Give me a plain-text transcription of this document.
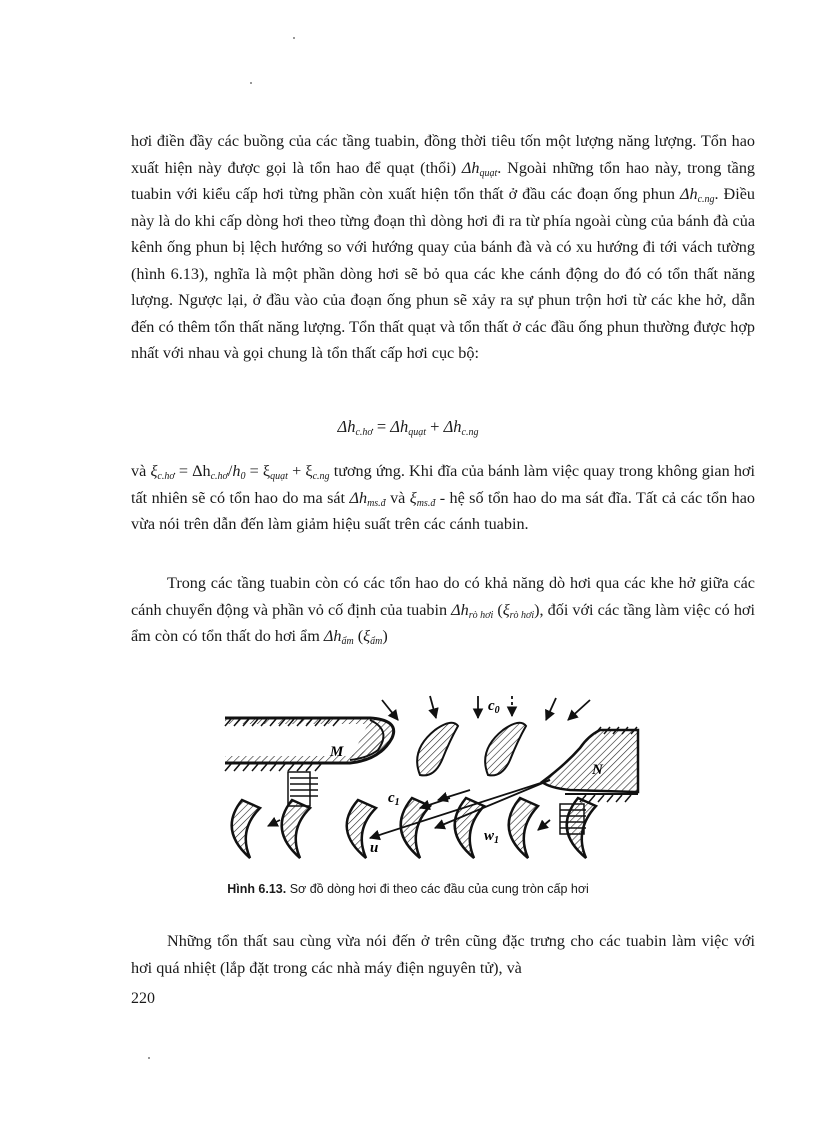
hơi điền đầy các buồng của các tầng tuabin, đồng thời tiêu tốn một lượng năng lượng. Tổn hao xuất hiện này được gọi là tổn hao để quạt (thổi) $\Delta h_{quạt}$. Ngoài những tổn hao này, trong tầng tuabin với kiểu cấp hơi từng phần còn xuất hiện tổn thất ở đầu các đoạn ống phun $\Delta h_{c.ng}$. Điều này là do khi cấp dòng hơi theo từng đoạn thì dòng hơi đi ra từ phía ngoài cùng của bánh đà của kênh ống phun bị lệch hướng so với hướng quay của bánh đà và có xu hướng đi tới vách tường (hình 6.13), nghĩa là một phần dòng hơi sẽ bỏ qua các khe cánh động do đó có tổn thất năng lượng. Ngược lại, ở đầu vào của đoạn ống phun sẽ xảy ra sự phun trộn hơi từ các khe hở, dẫn đến có thêm tổn thất năng lượng. Tổn thất quạt và tổn thất ở các đầu ống phun thường được hợp nhất với nhau và gọi chung là tổn thất cấp hơi cục bộ:

$\Delta h_{c.hơ} = \Delta h_{quạt} + \Delta h_{c.ng}$

và $\xi_{c.hơ} = \Delta h_{c.hơ}/h_0 = \xi_{quạt} + \xi_{c.ng}$ tương ứng. Khi đĩa của bánh làm việc quay trong không gian hơi tất nhiên sẽ có tổn hao do ma sát $\Delta h_{ms.đ}$ và $\xi_{ms.đ}$ - hệ số tổn hao do ma sát đĩa. Tất cả các tổn hao vừa nói trên dẫn đến làm giảm hiệu suất trên các cánh tuabin.

Trong các tầng tuabin còn có các tổn hao do có khả năng dò hơi qua các khe hở giữa các cánh chuyển động và phần vỏ cố định của tuabin $\Delta h_{rò hơi}$ $(\xi_{rò hơi})$, đối với các tầng làm việc có hơi ẩm còn có tổn thất do hơi ẩm $\Delta h_{ẩm}$ $(\xi_{ẩm})$

M
N
$c_0$
$c_1$
u
$w_1$

Hình 6.13. Sơ đồ dòng hơi đi theo các đầu của cung tròn cấp hơi

Những tổn thất sau cùng vừa nói đến ở trên cũng đặc trưng cho các tuabin làm việc với hơi quá nhiệt (lắp đặt trong các nhà máy điện nguyên tử), và

220
